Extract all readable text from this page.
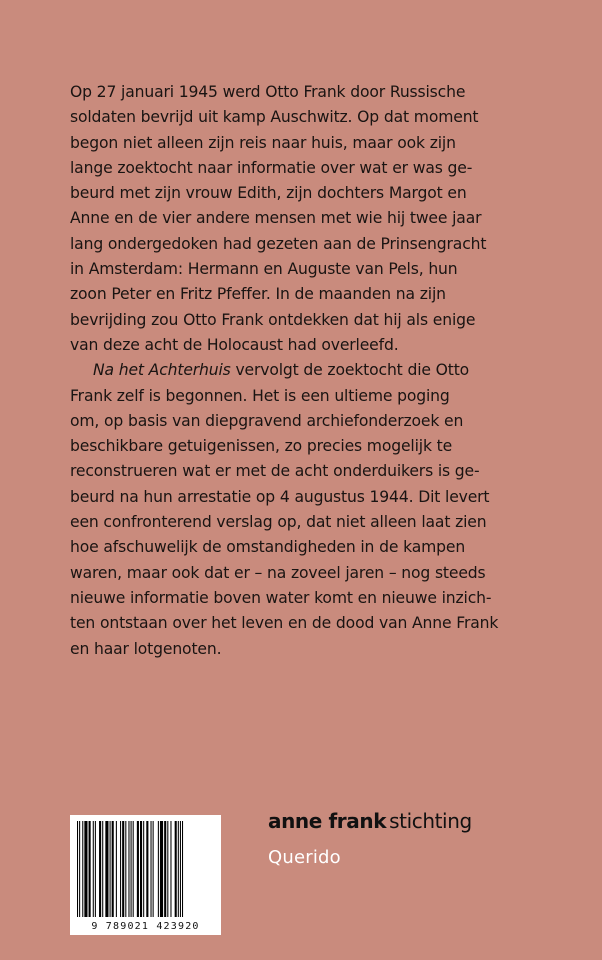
Op 27 januari 1945 werd Otto Frank door Russische
soldaten bevrijd uit kamp Auschwitz. Op dat moment
begon niet alleen zijn reis naar huis, maar ook zijn
lange zoektocht naar informatie over wat er was ge-
beurd met zijn vrouw Edith, zijn dochters Margot en
Anne en de vier andere mensen met wie hij twee jaar
lang ondergedoken had gezeten aan de Prinsengracht
in Amsterdam: Hermann en Auguste van Pels, hun
zoon Peter en Fritz Pfeffer. In de maanden na zijn
bevrijding zou Otto Frank ontdekken dat hij als enige
van deze acht de Holocaust had overleefd.
Na het Achterhuis vervolgt de zoektocht die Otto
Frank zelf is begonnen. Het is een ultieme poging
om, op basis van diepgravend archiefonderzoek en
beschikbare getuigenissen, zo precies mogelijk te
reconstrueren wat er met de acht onderduikers is ge-
beurd na hun arrestatie op 4 augustus 1944. Dit levert
een confronterend verslag op, dat niet alleen laat zien
hoe afschuwelijk de omstandigheden in de kampen
waren, maar ook dat er – na zoveel jaren – nog steeds
nieuwe informatie boven water komt en nieuwe inzich-
ten ontstaan over het leven en de dood van Anne Frank
en haar lotgenoten.
9 789021 423920
anne frank stichting
Querido
